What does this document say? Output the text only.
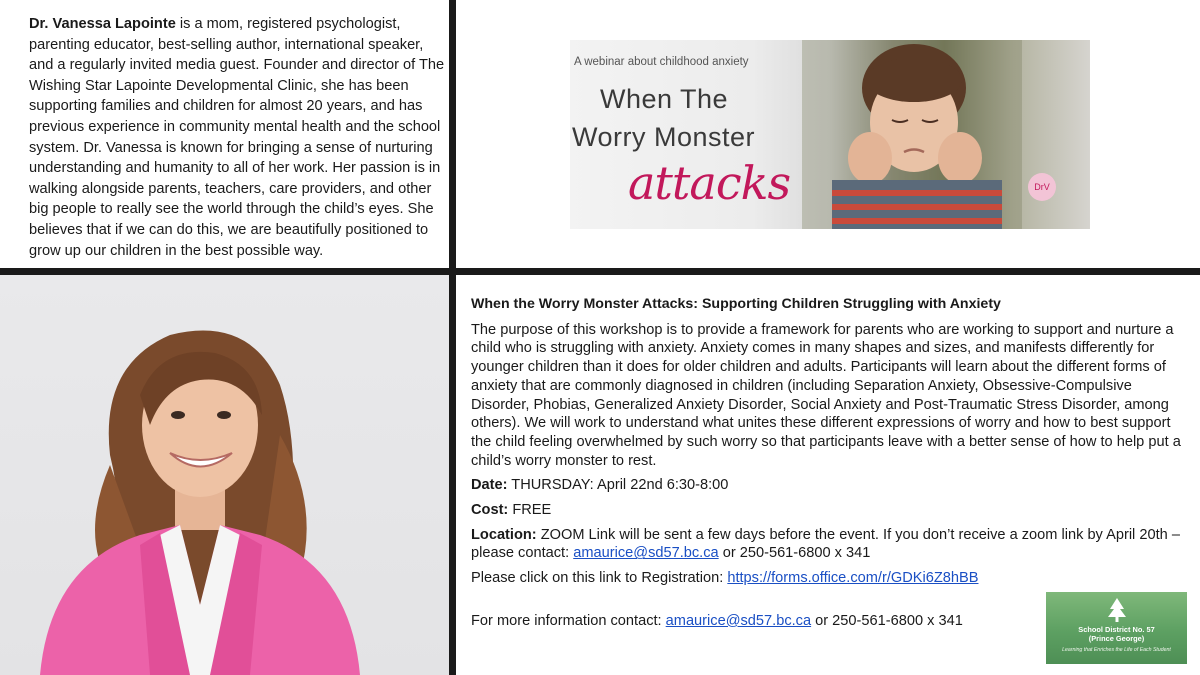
Dr. Vanessa Lapointe is a mom, registered psychologist, parenting educator, best-selling author, international speaker, and a regularly invited media guest. Founder and director of The Wishing Star Lapointe Developmental Clinic, she has been supporting families and children for almost 20 years, and has previous experience in community mental health and the school system. Dr. Vanessa is known for bringing a sense of nurturing understanding and humanity to all of her work. Her passion is in walking alongside parents, teachers, care providers, and other big people to really see the world through the child’s eyes. She believes that if we can do this, we are beautifully positioned to grow up our children in the best possible way.
A webinar about childhood anxiety
When The
Worry Monster
attacks	DrV
When the Worry Monster Attacks: Supporting Children Struggling with Anxiety
The purpose of this workshop is to provide a framework for parents who are working to support and nurture a child who is struggling with anxiety. Anxiety comes in many shapes and sizes, and manifests differently for younger children than it does for older children and adults. Participants will learn about the different forms of anxiety that are commonly diagnosed in children (including Separation Anxiety, Obsessive-Compulsive Disorder, Phobias, Generalized Anxiety Disorder, Social Anxiety and Post-Traumatic Stress Disorder, among others). We will work to understand what unites these different expressions of worry and how to best support the child feeling overwhelmed by such worry so that participants leave with a better sense of how to help put a child’s worry monster to rest.
Date: THURSDAY: April 22nd 6:30-8:00
Cost: FREE
Location: ZOOM Link will be sent a few days before the event. If you don’t receive a zoom link by April 20th – please contact: amaurice@sd57.bc.ca or 250-561-6800 x 341
Please click on this link to Registration: https://forms.office.com/r/GDKi6Z8hBB
For more information contact: amaurice@sd57.bc.ca or 250-561-6800 x 341
School District No. 57
(Prince George)
Learning that Enriches the Life of Each Student
